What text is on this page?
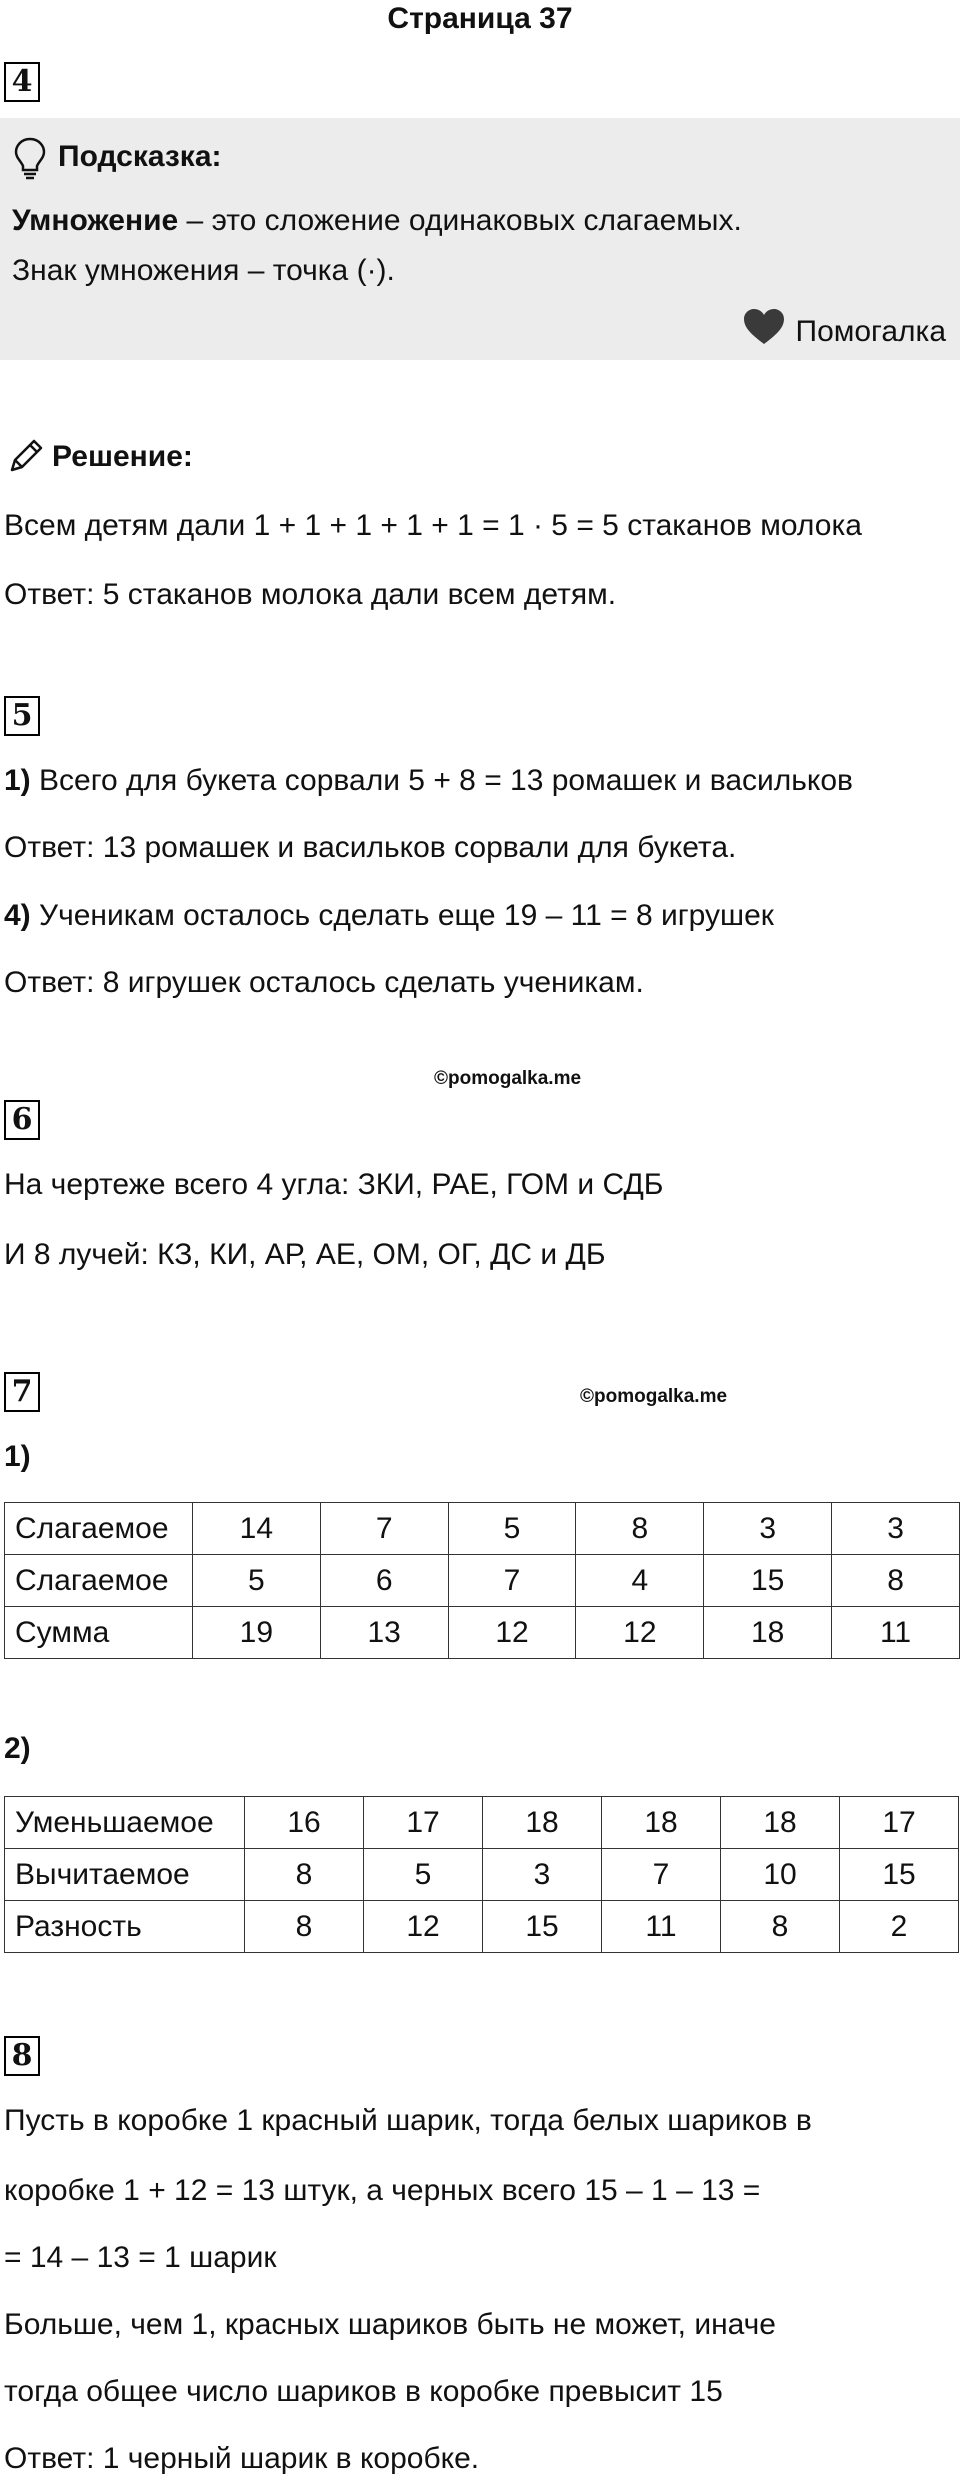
Страница 37
4
Подсказка:
Умножение – это сложение одинаковых слагаемых.
Знак умножения – точка (·).
Помогалка
Решение:
Всем детям дали 1 + 1 + 1 + 1 + 1 = 1 · 5 = 5 стаканов молока
Ответ: 5 стаканов молока дали всем детям.
5
1) Всего для букета сорвали 5 + 8 = 13 ромашек и васильков
Ответ: 13 ромашек и васильков сорвали для букета.
4) Ученикам осталось сделать еще 19 – 11 = 8 игрушек
Ответ: 8 игрушек осталось сделать ученикам.
©pomogalka.me
6
На чертеже всего 4 угла: ЗКИ, РАЕ, ГОМ и СДБ
И 8 лучей: КЗ, КИ, АР, АЕ, ОМ, ОГ, ДС и ДБ
7	©pomogalka.me
1)
Слагаемое	14	7	5	8	3	3
Слагаемое	5	6	7	4	15	8
Сумма	19	13	12	12	18	11
2)
Уменьшаемое	16	17	18	18	18	17
Вычитаемое	8	5	3	7	10	15
Разность	8	12	15	11	8	2
8
Пусть в коробке 1 красный шарик, тогда белых шариков в
коробке 1 + 12 = 13 штук, а черных всего 15 – 1 – 13 =
= 14 – 13 = 1 шарик
Больше, чем 1, красных шариков быть не может, иначе
тогда общее число шариков в коробке превысит 15
Ответ: 1 черный шарик в коробке.
